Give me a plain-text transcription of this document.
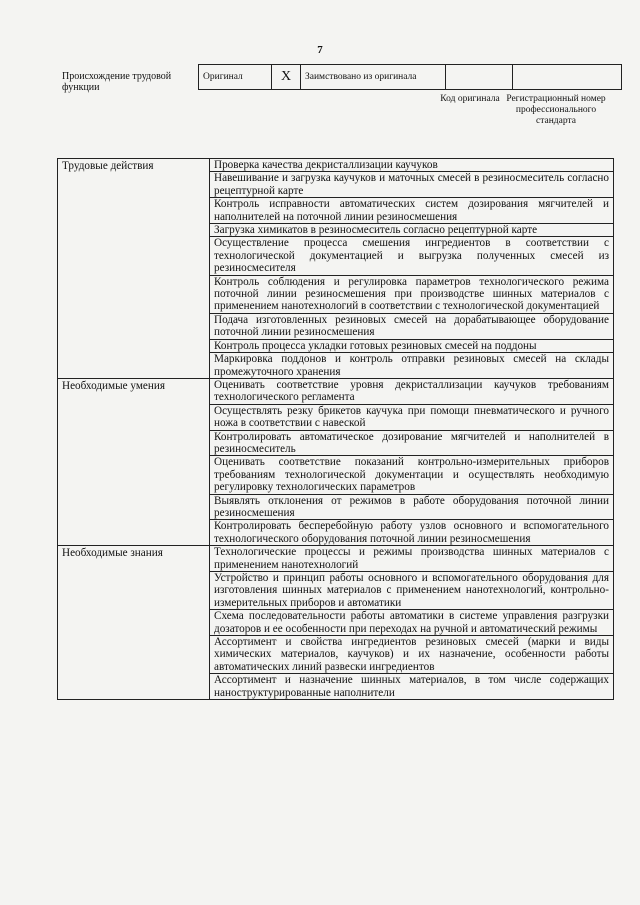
7
Происхождение трудовой функции
Оригинал	X	Заимствовано из оригинала		
Код оригинала Регистрационный номер профессионального стандарта
Трудовые действия	Проверка качества декристаллизации каучуков
	Навешивание и загрузка каучуков и маточных смесей в резиносмеситель согласно рецептурной карте
	Контроль исправности автоматических систем дозирования мягчителей и наполнителей на поточной линии резиносмешения
	Загрузка химикатов в резиносмеситель согласно рецептурной карте
	Осуществление процесса смешения ингредиентов в соответствии с технологической документацией и выгрузка полученных смесей из резиносмесителя
	Контроль соблюдения и регулировка параметров технологического режима поточной линии резиносмешения при производстве шинных материалов с применением нанотехнологий в соответствии с технологической документацией
	Подача изготовленных резиновых смесей на дорабатывающее оборудование поточной линии резиносмешения
	Контроль процесса укладки готовых резиновых смесей на поддоны
	Маркировка поддонов и контроль отправки резиновых смесей на склады промежуточного хранения
Необходимые умения	Оценивать соответствие уровня декристаллизации каучуков требованиям технологического регламента
	Осуществлять резку брикетов каучука при помощи пневматического и ручного ножа в соответствии с навеской
	Контролировать автоматическое дозирование мягчителей и наполнителей в резиносмеситель
	Оценивать соответствие показаний контрольно-измерительных приборов требованиям технологической документации и осуществлять необходимую регулировку технологических параметров
	Выявлять отклонения от режимов в работе оборудования поточной линии резиносмешения
	Контролировать бесперебойную работу узлов основного и вспомогательного технологического оборудования поточной линии резиносмешения
Необходимые знания	Технологические процессы и режимы производства шинных материалов с применением нанотехнологий
	Устройство и принцип работы основного и вспомогательного оборудования для изготовления шинных материалов с применением нанотехнологий, контрольно-измерительных приборов и автоматики
	Схема последовательности работы автоматики в системе управления разгрузки дозаторов и ее особенности при переходах на ручной и автоматический режимы
	Ассортимент и свойства ингредиентов резиновых смесей (марки и виды химических материалов, каучуков) и их назначение, особенности работы автоматических линий развески ингредиентов
	Ассортимент и назначение шинных материалов, в том числе содержащих наноструктурированные наполнители
